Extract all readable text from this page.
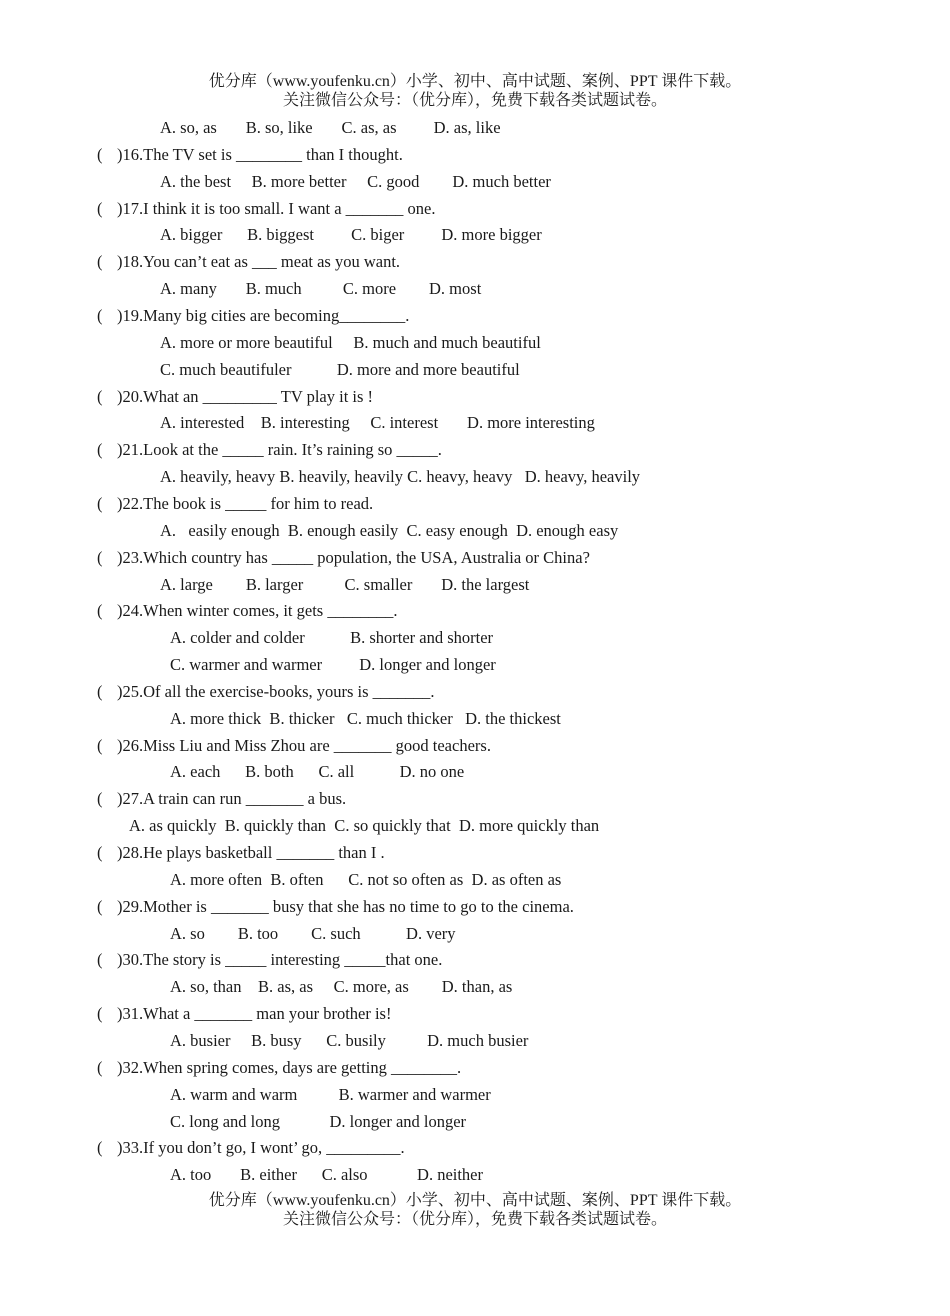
优分库（www.youfenku.cn）小学、初中、高中试题、案例、PPT 课件下载。
关注微信公众号：（优分库），免费下载各类试题试卷。
A. so, as       B. so, like       C. as, as         D. as, like
( )16.The TV set is ________ than I thought.
A. the best     B. more better     C. good        D. much better
( )17.I think it is too small. I want a _______ one.
A. bigger      B. biggest         C. biger         D. more bigger
( )18.You can’t eat as ___ meat as you want.
A. many       B. much          C. more        D. most
( )19.Many big cities are becoming________.
A. more or more beautiful     B. much and much beautiful
C. much beautifuler           D. more and more beautiful
( )20.What an _________ TV play it is !
A. interested    B. interesting     C. interest       D. more interesting
( )21.Look at the _____ rain. It’s raining so _____.
A. heavily, heavy B. heavily, heavily C. heavy, heavy   D. heavy, heavily
( )22.The book is _____ for him to read.
A.   easily enough  B. enough easily  C. easy enough  D. enough easy
( )23.Which country has _____ population, the USA, Australia or China?
A. large        B. larger          C. smaller       D. the largest
( )24.When winter comes, it gets ________.
A. colder and colder           B. shorter and shorter
C. warmer and warmer         D. longer and longer
( )25.Of all the exercise-books, yours is _______.
A. more thick  B. thicker   C. much thicker   D. the thickest
( )26.Miss Liu and Miss Zhou are _______ good teachers.
A. each      B. both      C. all           D. no one
( )27.A train can run _______ a bus.
A. as quickly  B. quickly than  C. so quickly that  D. more quickly than
( )28.He plays basketball _______ than I .
A. more often  B. often      C. not so often as  D. as often as
( )29.Mother is _______ busy that she has no time to go to the cinema.
A. so        B. too        C. such           D. very
( )30.The story is _____ interesting _____that one.
A. so, than    B. as, as     C. more, as        D. than, as
( )31.What a _______ man your brother is!
A. busier     B. busy      C. busily          D. much busier
( )32.When spring comes, days are getting ________.
A. warm and warm          B. warmer and warmer
C. long and long            D. longer and longer
( )33.If you don’t go, I wont’ go, _________.
A. too       B. either      C. also            D. neither
优分库（www.youfenku.cn）小学、初中、高中试题、案例、PPT 课件下载。
关注微信公众号：（优分库），免费下载各类试题试卷。
